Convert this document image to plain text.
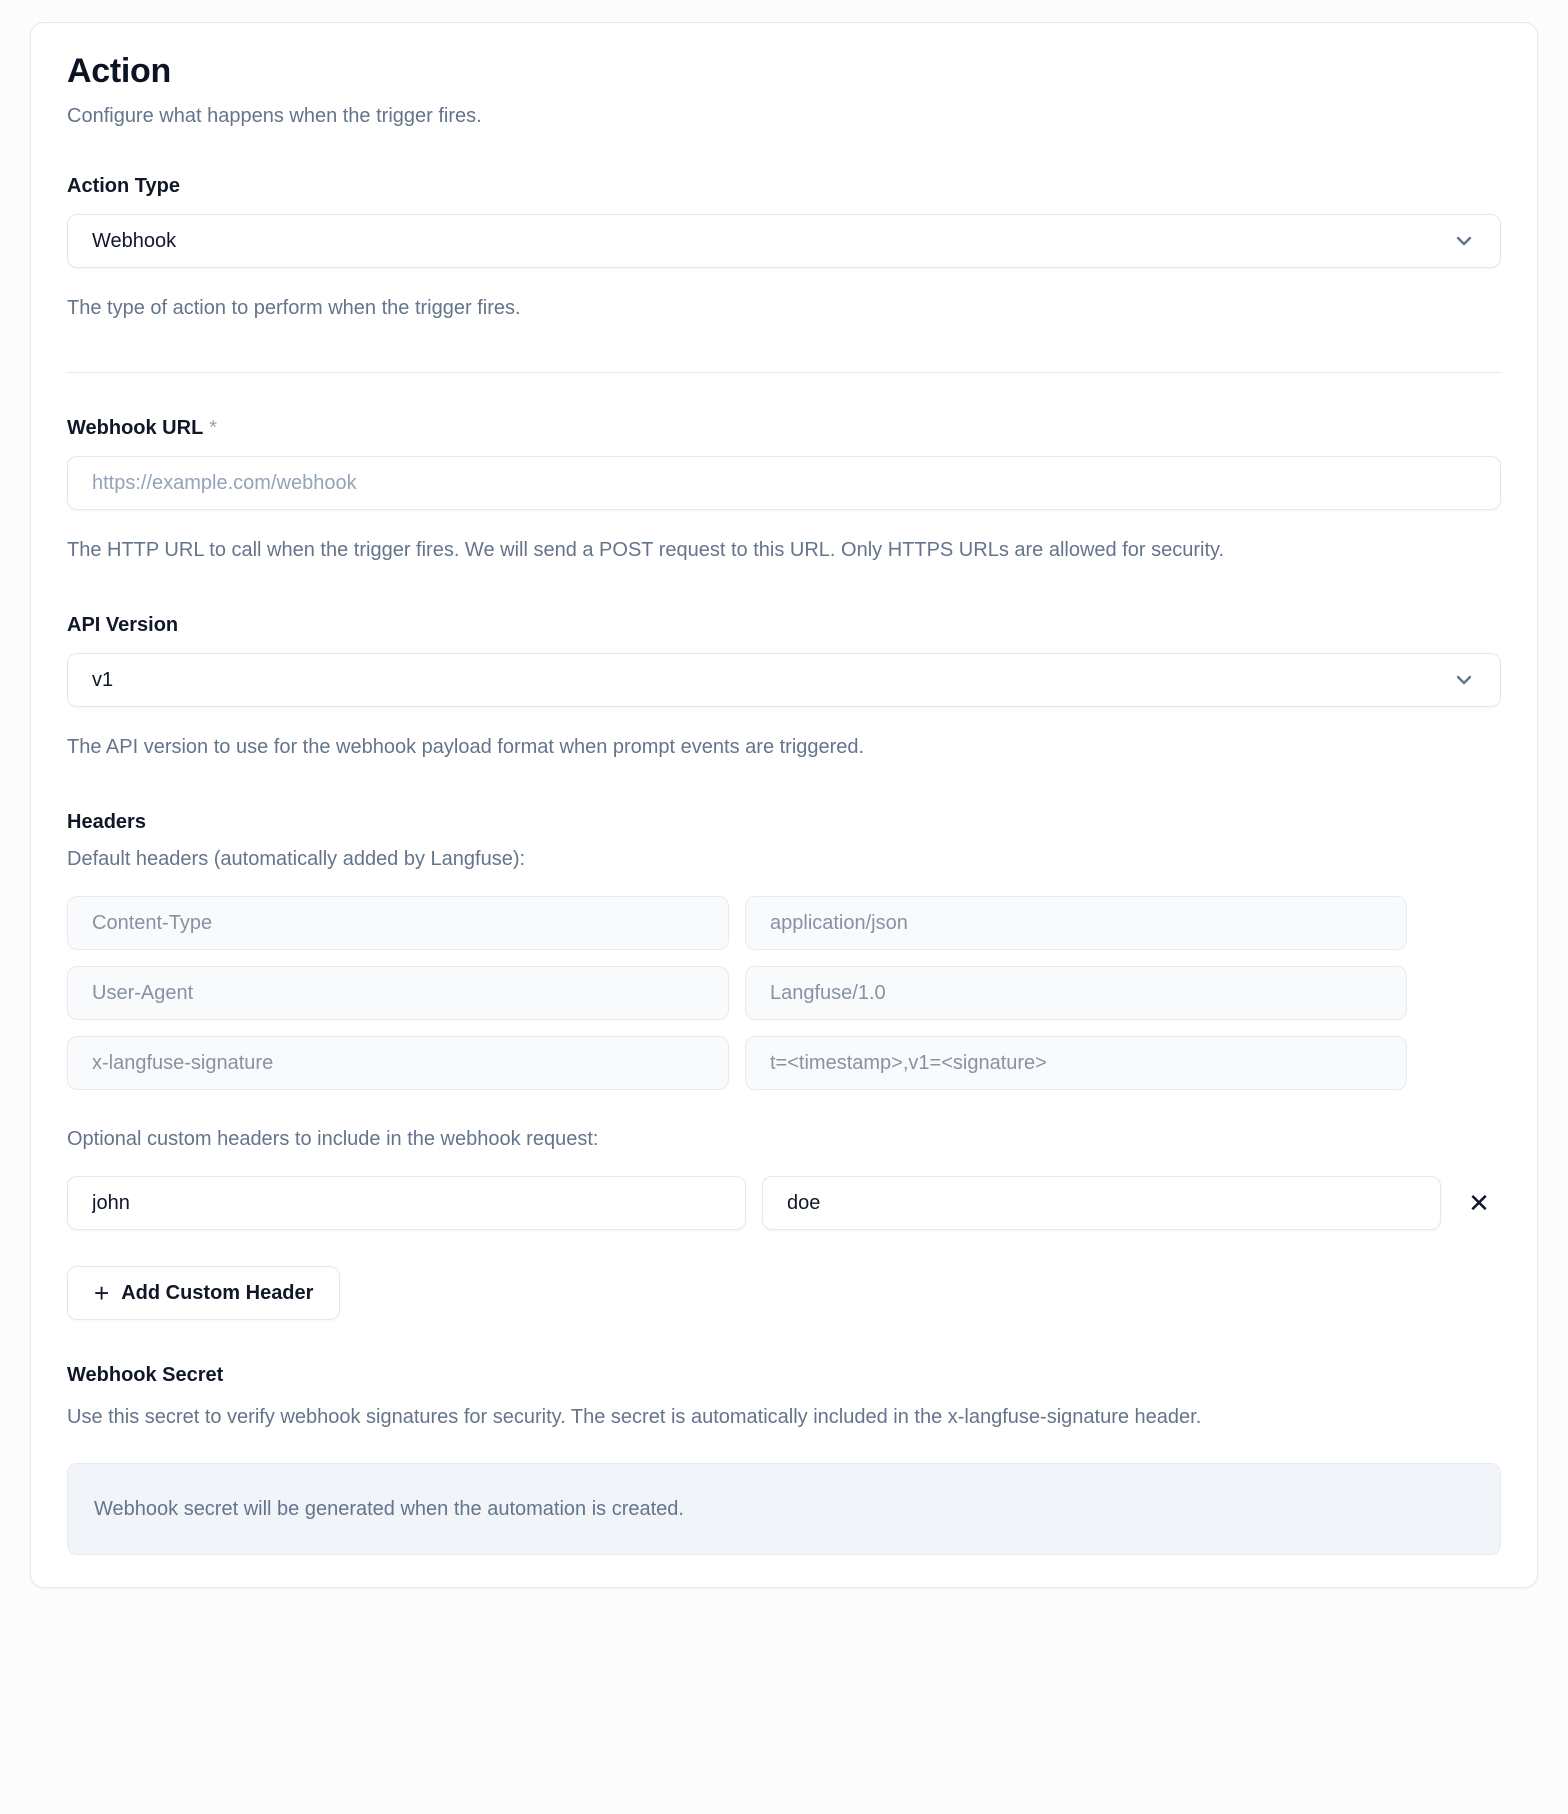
Action

Configure what happens when the trigger fires.

Action Type
Webhook

The type of action to perform when the trigger fires.

Webhook URL *
https://example.com/webhook

The HTTP URL to call when the trigger fires. We will send a POST request to this URL. Only HTTPS URLs are allowed for security.

API Version
v1

The API version to use for the webhook payload format when prompt events are triggered.

Headers

Default headers (automatically added by Langfuse):

Content-Type
application/json
User-Agent
Langfuse/1.0
x-langfuse-signature
t=<timestamp>,v1=<signature>

Optional custom headers to include in the webhook request:

john
doe
✕
+ Add Custom Header
Webhook Secret

Use this secret to verify webhook signatures for security. The secret is automatically included in the x-langfuse-signature header.

Webhook secret will be generated when the automation is created.
